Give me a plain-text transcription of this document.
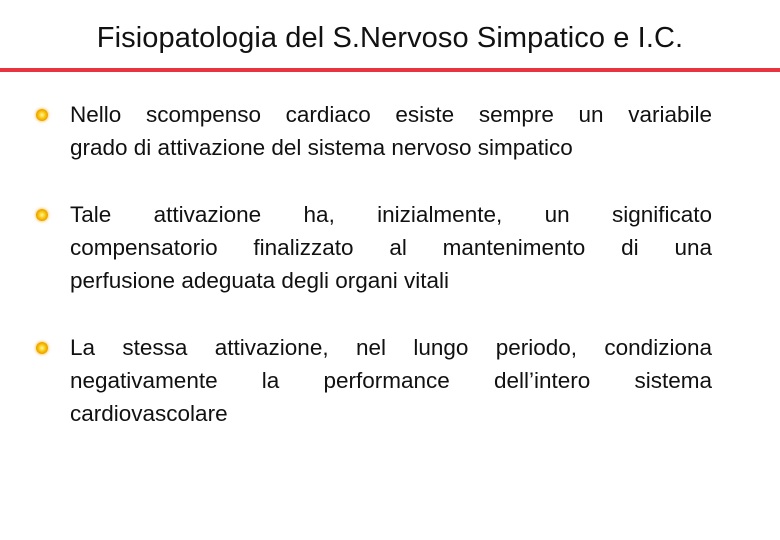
Fisiopatologia del S.Nervoso Simpatico e I.C.
Nello scompenso cardiaco esiste sempre un variabile
grado di attivazione del sistema nervoso simpatico
Tale attivazione ha, inizialmente, un significato
compensatorio finalizzato al mantenimento di una
perfusione adeguata degli organi vitali
La stessa attivazione, nel lungo periodo, condiziona
negativamente la performance dell’intero sistema
cardiovascolare
